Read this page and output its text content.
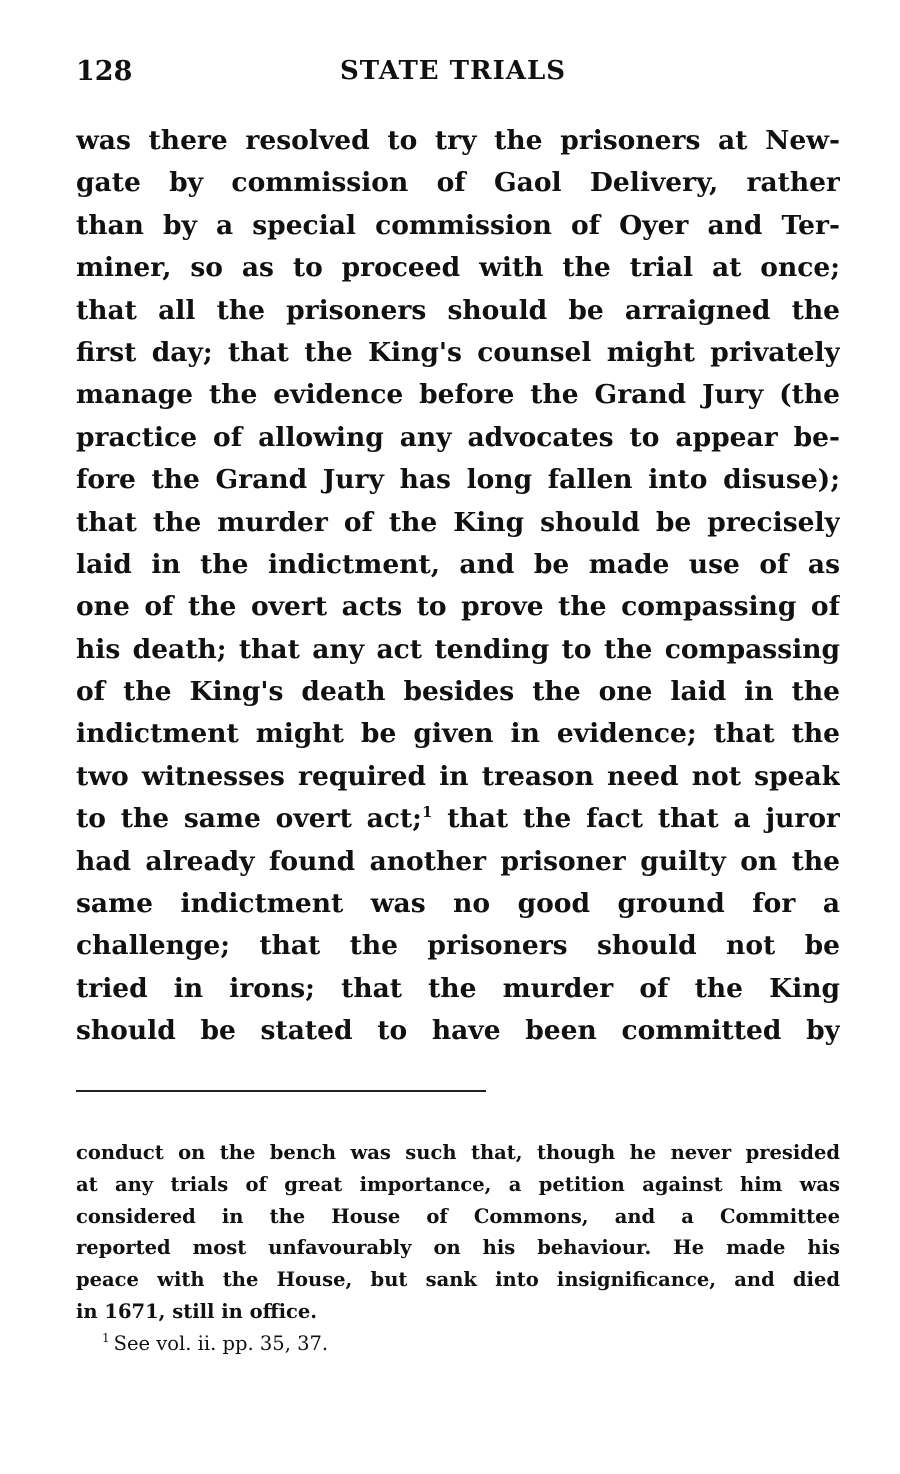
128	STATE TRIALS
was there resolved to try the prisoners at New-
gate by commission of Gaol Delivery, rather
than by a special commission of Oyer and Ter-
miner, so as to proceed with the trial at once;
that all the prisoners should be arraigned the
first day; that the King's counsel might privately
manage the evidence before the Grand Jury (the
practice of allowing any advocates to appear be-
fore the Grand Jury has long fallen into disuse);
that the murder of the King should be precisely
laid in the indictment, and be made use of as
one of the overt acts to prove the compassing of
his death; that any act tending to the compassing
of the King's death besides the one laid in the
indictment might be given in evidence; that the
two witnesses required in treason need not speak
to the same overt act;$^1$ that the fact that a juror
had already found another prisoner guilty on the
same indictment was no good ground for a
challenge; that the prisoners should not be
tried in irons; that the murder of the King
should be stated to have been committed by
conduct on the bench was such that, though he never presided
at any trials of great importance, a petition against him was
considered in the House of Commons, and a Committee
reported most unfavourably on his behaviour. He made his
peace with the House, but sank into insignificance, and died
in 1671, still in office.
$^1$ See vol. ii. pp. 35, 37.
